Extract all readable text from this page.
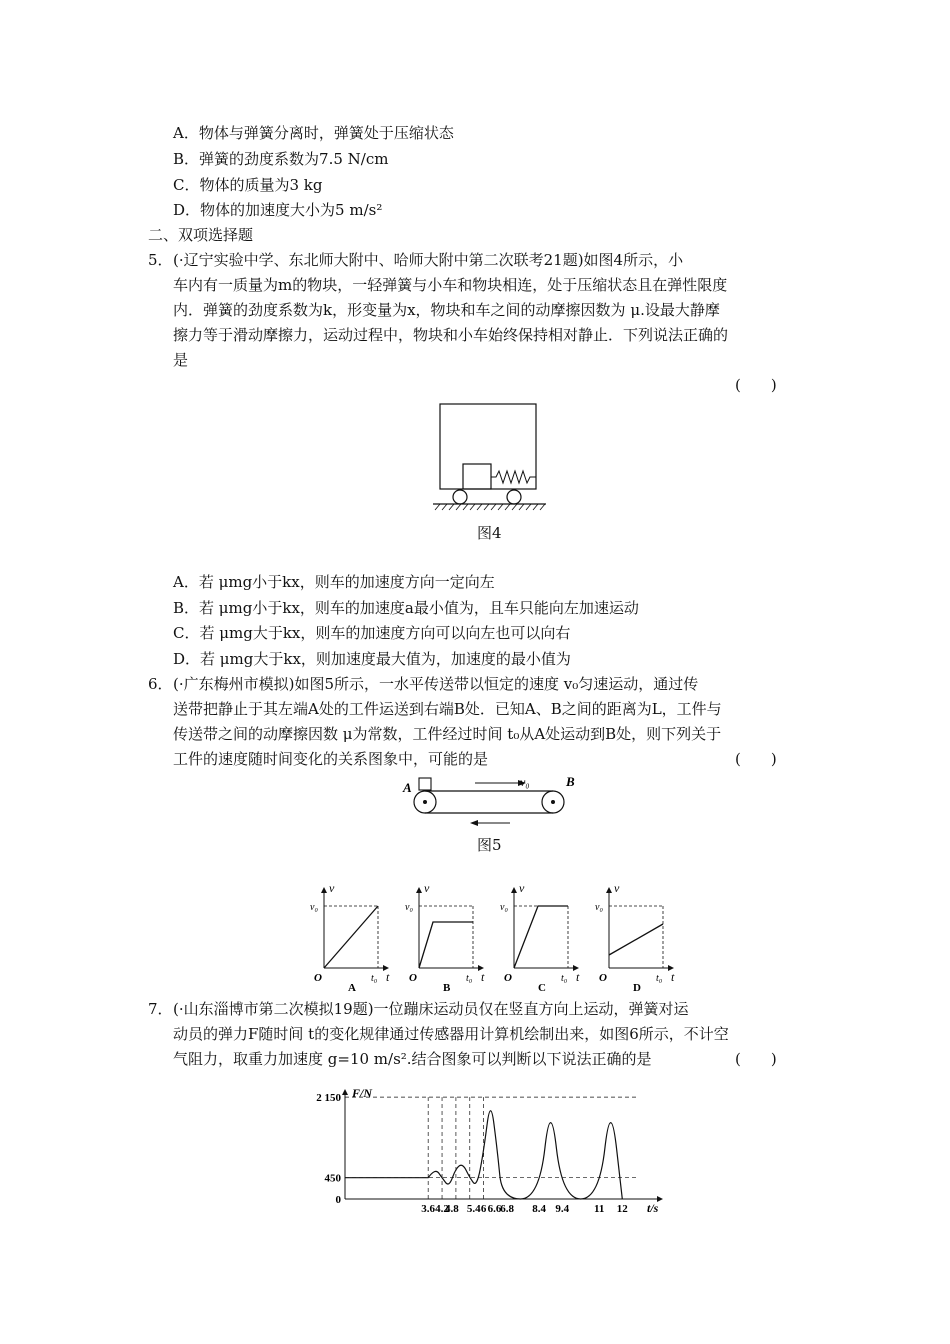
A．物体与弹簧分离时，弹簧处于压缩状态
B．弹簧的劲度系数为7.5 N/cm
C．物体的质量为3 kg
D．物体的加速度大小为5 m/s²
二、双项选择题
5． (·辽宁实验中学、东北师大附中、哈师大附中第二次联考21题)如图4所示，小
车内有一质量为m的物块，一轻弹簧与小车和物块相连，处于压缩状态且在弹性限度
内．弹簧的劲度系数为k，形变量为x，物块和车之间的动摩擦因数为 μ.设最大静摩
擦力等于滑动摩擦力，运动过程中，物块和小车始终保持相对静止．下列说法正确的
是
(　　)
图4
A．若 μmg小于kx，则车的加速度方向一定向左
B．若 μmg小于kx，则车的加速度a最小值为，且车只能向左加速运动
C．若 μmg大于kx，则车的加速度方向可以向左也可以向右
D．若 μmg大于kx，则加速度最大值为，加速度的最小值为
6． (·广东梅州市模拟)如图5所示，一水平传送带以恒定的速度 v₀匀速运动，通过传
送带把静止于其左端A处的工件运送到右端B处．已知A、B之间的距离为L，工件与
传送带之间的动摩擦因数 μ为常数，工件经过时间 t₀从A处运动到B处，则下列关于
工件的速度随时间变化的关系图象中，可能的是	(　　)
A	B
v₀
图5
v
v₀
O	t₀ t
A
v
v₀
O	t₀ t
B
v
v₀
O	t₀ t
C
v
v₀
O	t₀ t
D
7． (·山东淄博市第二次模拟19题)一位蹦床运动员仅在竖直方向上运动，弹簧对运
动员的弹力F随时间 t的变化规律通过传感器用计算机绘制出来，如图6所示，不计空
气阻力，取重力加速度 g=10 m/s².结合图象可以判断以下说法正确的是	(　　)
F/N
t/s
0
450
2 150
3.6 4.2
4.8 5.4 6 6.6
6.8 8.4 9.4 11 12
